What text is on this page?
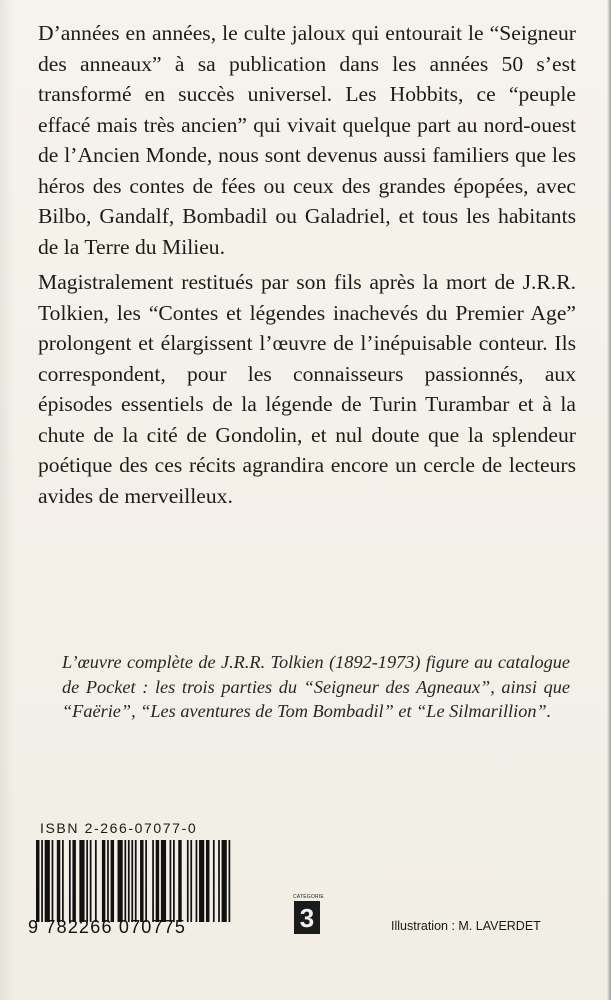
D’années en années, le culte jaloux qui entourait le “Seigneur des anneaux” à sa publication dans les années 50 s’est transformé en succès universel. Les Hobbits, ce “peuple effacé mais très ancien” qui vivait quelque part au nord-ouest de l’Ancien Monde, nous sont devenus aussi familiers que les héros des contes de fées ou ceux des grandes épopées, avec Bilbo, Gandalf, Bombadil ou Galadriel, et tous les habitants de la Terre du Milieu.

Magistralement restitués par son fils après la mort de J.R.R. Tolkien, les “Contes et légendes inachevés du Premier Age” prolongent et élargissent l’œuvre de l’inépuisable conteur. Ils correspondent, pour les connaisseurs passionnés, aux épisodes essentiels de la légende de Turin Turambar et à la chute de la cité de Gondolin, et nul doute que la splendeur poétique des ces récits agrandira encore un cercle de lecteurs avides de merveilleux.

L’œuvre complète de J.R.R. Tolkien (1892-1973) figure au catalogue de Pocket : les trois parties du “Seigneur des Agneaux”, ainsi que “Faërie”, “Les aventures de Tom Bombadil” et “Le Silmarillion”.

ISBN 2-266-07077-0
9 782266 070775
CATÉGORIE
3	Illustration : M. LAVERDET
